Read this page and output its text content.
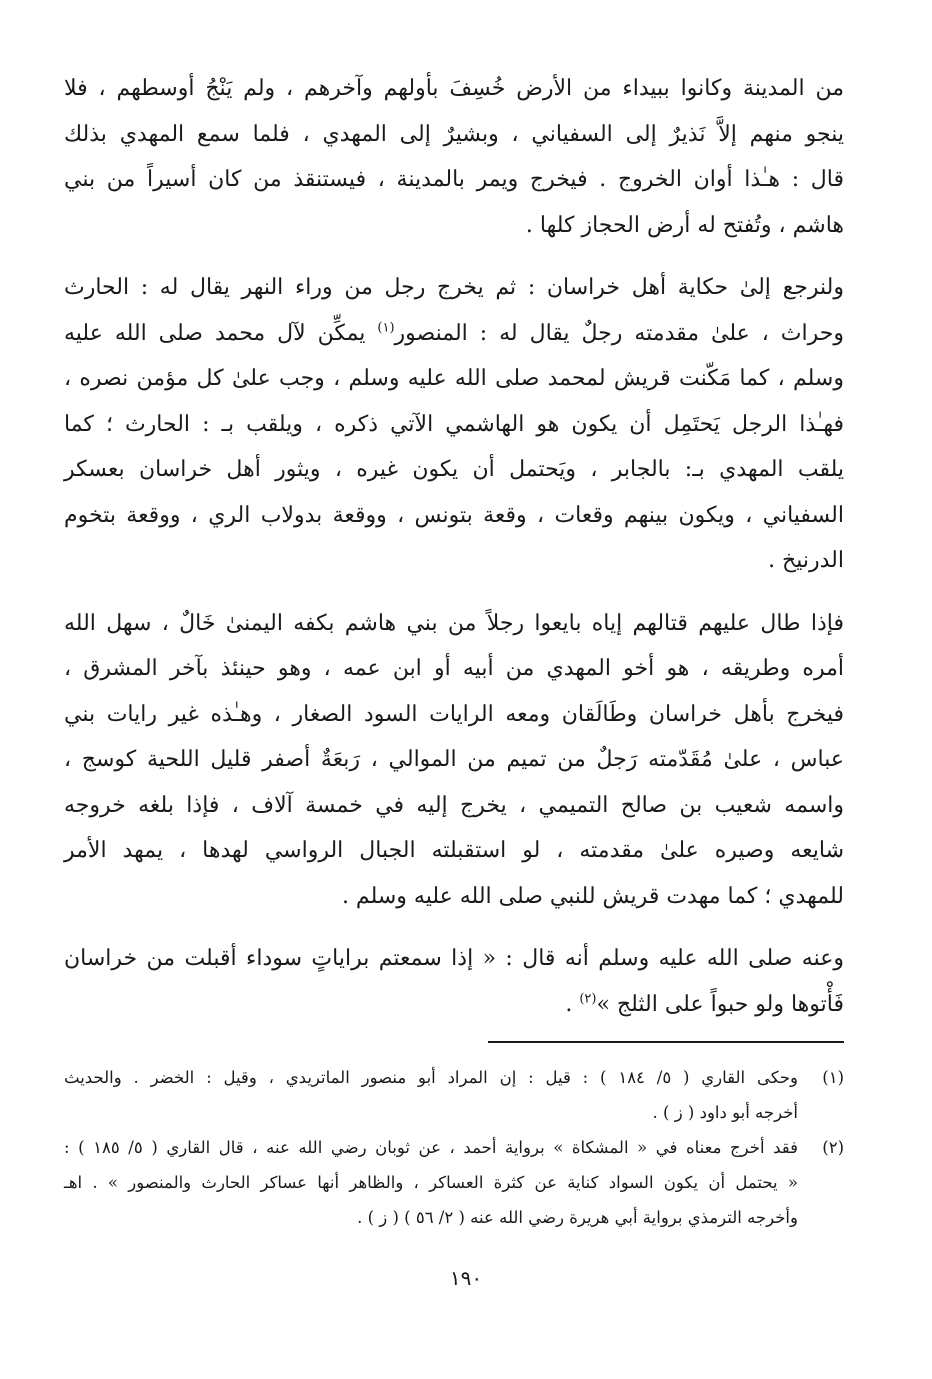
من المدينة وكانوا ببيداء من الأرض خُسِفَ بأولهم وآخرهم ، ولم يَنْجُ أوسطهم ، فلا
ينجو منهم إلاَّ نَذيرٌ إلى السفياني ، وبشيرٌ إلى المهدي ، فلما سمع المهدي بذلك
قال : هـٰذا أوان الخروج . فيخرج ويمر بالمدينة ، فيستنقذ من كان أسيراً من بني
هاشم ، وتُفتح له أرض الحجاز كلها .

ولنرجع إلىٰ حكاية أهل خراسان : ثم يخرج رجل من وراء النهر يقال له : الحارث
وحراث ، علىٰ مقدمته رجلٌ يقال له : المنصور$^{(١)}$ يمكِّن لآل محمد صلى الله عليه
وسلم ، كما مَكّنت قريش لمحمد صلى الله عليه وسلم ، وجب علىٰ كل مؤمن نصره ،
فهـٰذا الرجل يَحتَمِل أن يكون هو الهاشمي الآتي ذكره ، ويلقب بـ : الحارث ؛ كما
يلقب المهدي بـ: بالجابر ، ويَحتمل أن يكون غيره ، ويثور أهل خراسان بعسكر
السفياني ، ويكون بينهم وقعات ، وقعة بتونس ، ووقعة بدولاب الري ، ووقعة بتخوم
الدرنيخ .

فإذا طال عليهم قتالهم إياه بايعوا رجلاً من بني هاشم بكفه اليمنىٰ خَالٌ ، سهل الله
أمره وطريقه ، هو أخو المهدي من أبيه أو ابن عمه ، وهو حينئذ بآخر المشرق ،
فيخرج بأهل خراسان وطَالَقان ومعه الرايات السود الصغار ، وهـٰذه غير رايات بني
عباس ، علىٰ مُقَدّمته رَجلٌ من تميم من الموالي ، رَبعَةٌ أصفر قليل اللحية كوسج ،
واسمه شعيب بن صالح التميمي ، يخرج إليه في خمسة آلاف ، فإذا بلغه خروجه
شايعه وصيره علىٰ مقدمته ، لو استقبلته الجبال الرواسي لهدها ، يمهد الأمر
للمهدي ؛ كما مهدت قريش للنبي صلى الله عليه وسلم .

وعنه صلى الله عليه وسلم أنه قال : « إذا سمعتم براياتٍ سوداء أقبلت من خراسان
فَأْتوها ولو حبواً على الثلج »$^{(٢)}$ .

(١)
وحكى القاري ( ٥/ ١٨٤ ) : قيل : إن المراد أبو منصور الماتريدي ، وقيل : الخضر . والحديث
أخرجه أبو داود ( ز ) .
(٢)
فقد أخرج معناه في « المشكاة » برواية أحمد ، عن ثوبان رضي الله عنه ، قال القاري ( ٥/ ١٨٥ ) :
« يحتمل أن يكون السواد كناية عن كثرة العساكر ، والظاهر أنها عساكر الحارث والمنصور » . اهـ
وأخرجه الترمذي برواية أبي هريرة رضي الله عنه ( ٢/ ٥٦ ) ( ز ) .
١٩٠
